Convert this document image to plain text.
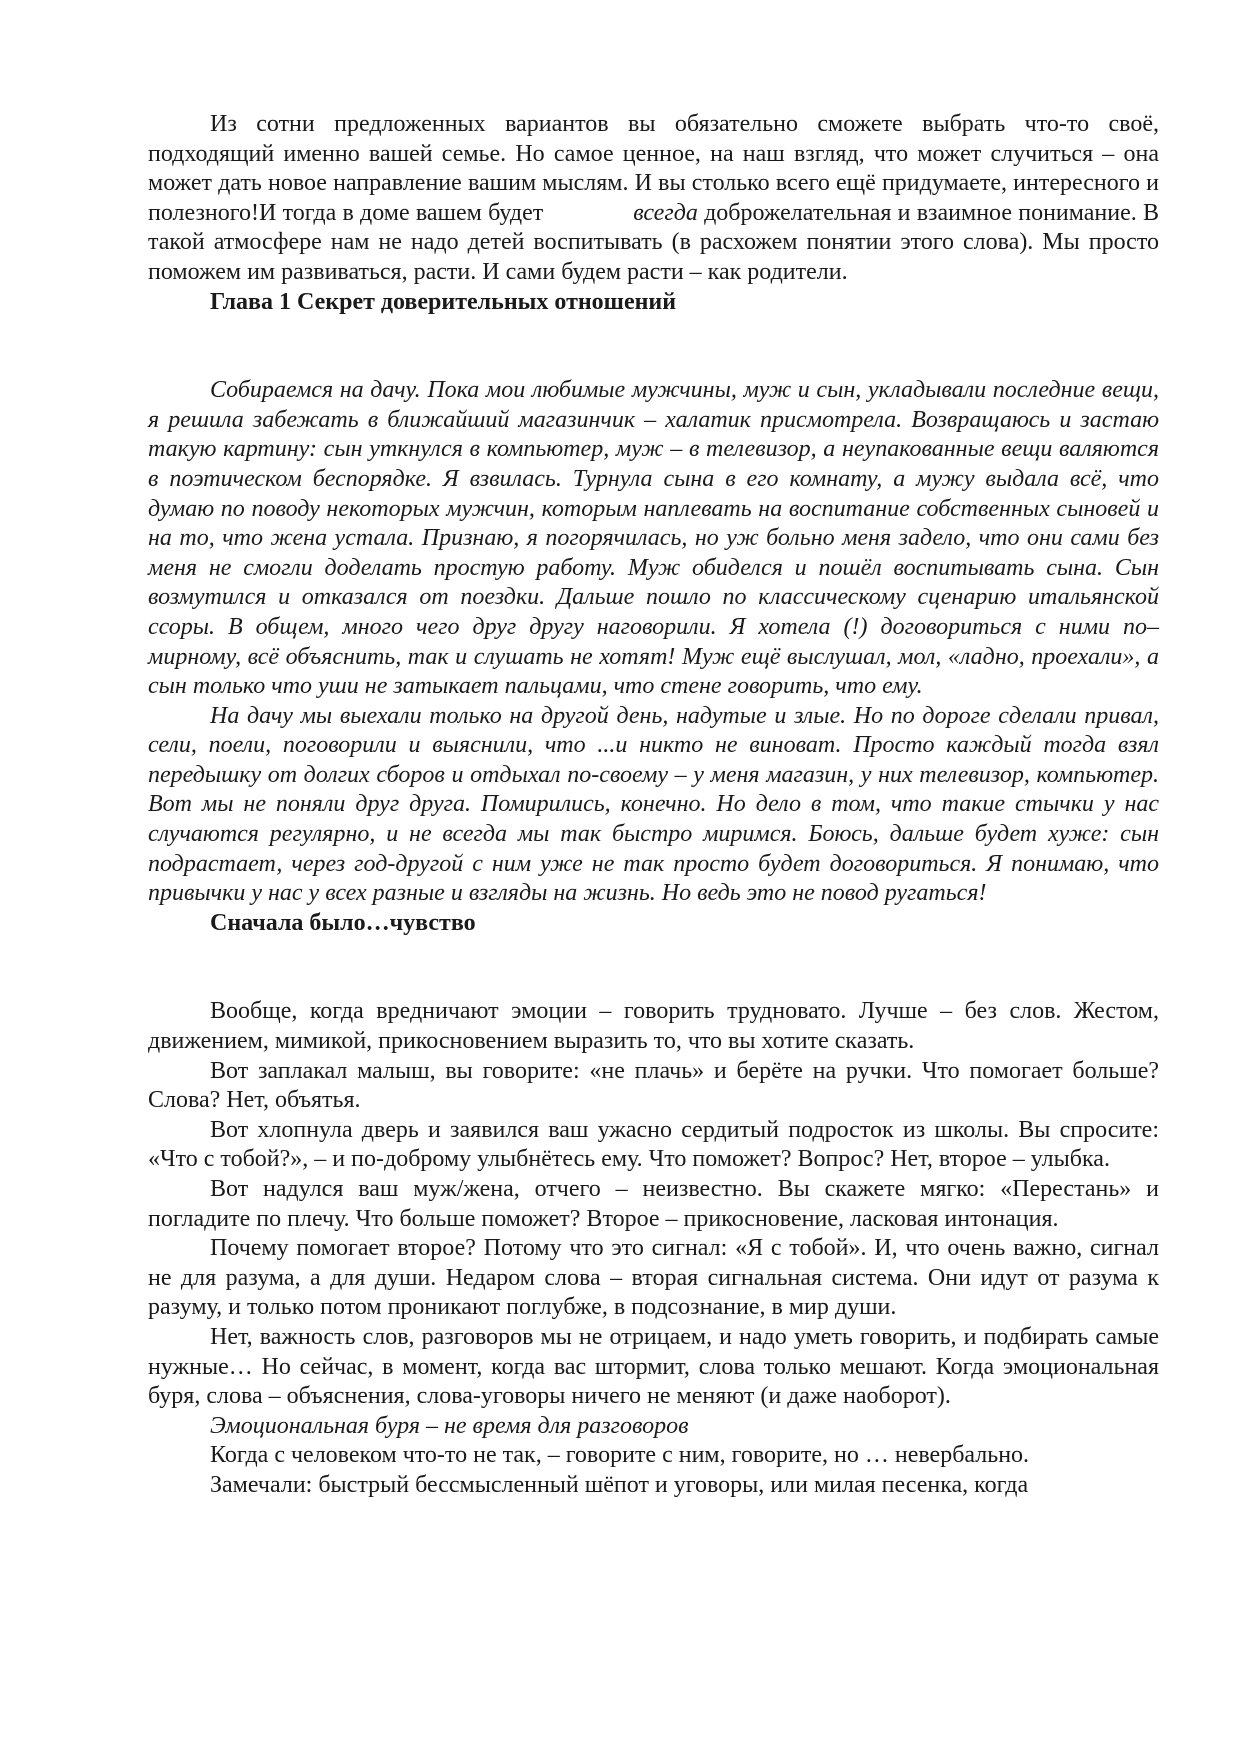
Из сотни предложенных вариантов вы обязательно сможете выбрать что-то своё, подходящий именно вашей семье. Но самое ценное, на наш взгляд, что может случиться – она может дать новое направление вашим мыслям. И вы столько всего ещё придумаете, интересного и полезного!И тогда в доме вашем будет	всегда доброжелательная и взаимное понимание. В такой атмосфере нам не надо детей воспитывать (в расхожем понятии этого слова). Мы просто поможем им развиваться, расти. И сами будем расти – как родители.

Глава 1 Секрет доверительных отношений

Собираемся на дачу. Пока мои любимые мужчины, муж и сын, укладывали последние вещи, я решила забежать в ближайший магазинчик – халатик присмотрела. Возвращаюсь и застаю такую картину: сын уткнулся в компьютер, муж – в телевизор, а неупакованные вещи валяются в поэтическом беспорядке. Я взвилась. Турнула сына в его комнату, а мужу выдала всё, что думаю по поводу некоторых мужчин, которым наплевать на воспитание собственных сыновей и на то, что жена устала. Признаю, я погорячилась, но уж больно меня задело, что они сами без меня не смогли доделать простую работу. Муж обиделся и пошёл воспитывать сына. Сын возмутился и отказался от поездки. Дальше пошло по классическому сценарию итальянской ссоры. В общем, много чего друг другу наговорили. Я хотела (!) договориться с ними по– мирному, всё объяснить, так и слушать не хотят! Муж ещё выслушал, мол, «ладно, проехали», а сын только что уши не затыкает пальцами, что стене говорить, что ему.

На дачу мы выехали только на другой день, надутые и злые. Но по дороге сделали привал, сели, поели, поговорили и выяснили, что ...и никто не виноват. Просто каждый тогда взял передышку от долгих сборов и отдыхал по-своему – у меня магазин, у них телевизор, компьютер. Вот мы не поняли друг друга. Помирились, конечно. Но дело в том, что такие стычки у нас случаются регулярно, и не всегда мы так быстро миримся. Боюсь, дальше будет хуже: сын подрастает, через год-другой с ним уже не так просто будет договориться. Я понимаю, что привычки у нас у всех разные и взгляды на жизнь. Но ведь это не повод ругаться!

Сначала было…чувство

Вообще, когда вредничают эмоции – говорить трудновато. Лучше – без слов. Жестом, движением, мимикой, прикосновением выразить то, что вы хотите сказать.

Вот заплакал малыш, вы говорите: «не плачь» и берёте на ручки. Что помогает больше? Слова? Нет, объятья.

Вот хлопнула дверь и заявился ваш ужасно сердитый подросток из школы. Вы спросите: «Что с тобой?», – и по-доброму улыбнётесь ему. Что поможет? Вопрос? Нет, второе – улыбка.

Вот надулся ваш муж/жена, отчего – неизвестно. Вы скажете мягко: «Перестань» и погладите по плечу. Что больше поможет? Второе – прикосновение, ласковая интонация.

Почему помогает второе? Потому что это сигнал: «Я с тобой». И, что очень важно, сигнал не для разума, а для души. Недаром слова – вторая сигнальная система. Они идут от разума к разуму, и только потом проникают поглубже, в подсознание, в мир души.

Нет, важность слов, разговоров мы не отрицаем, и надо уметь говорить, и подбирать самые нужные… Но сейчас, в момент, когда вас штормит, слова только мешают. Когда эмоциональная буря, слова – объяснения, слова-уговоры ничего не меняют (и даже наоборот).

Эмоциональная буря – не время для разговоров

Когда с человеком что-то не так, – говорите с ним, говорите, но … невербально.

Замечали: быстрый бессмысленный шёпот и уговоры, или милая песенка, когда
